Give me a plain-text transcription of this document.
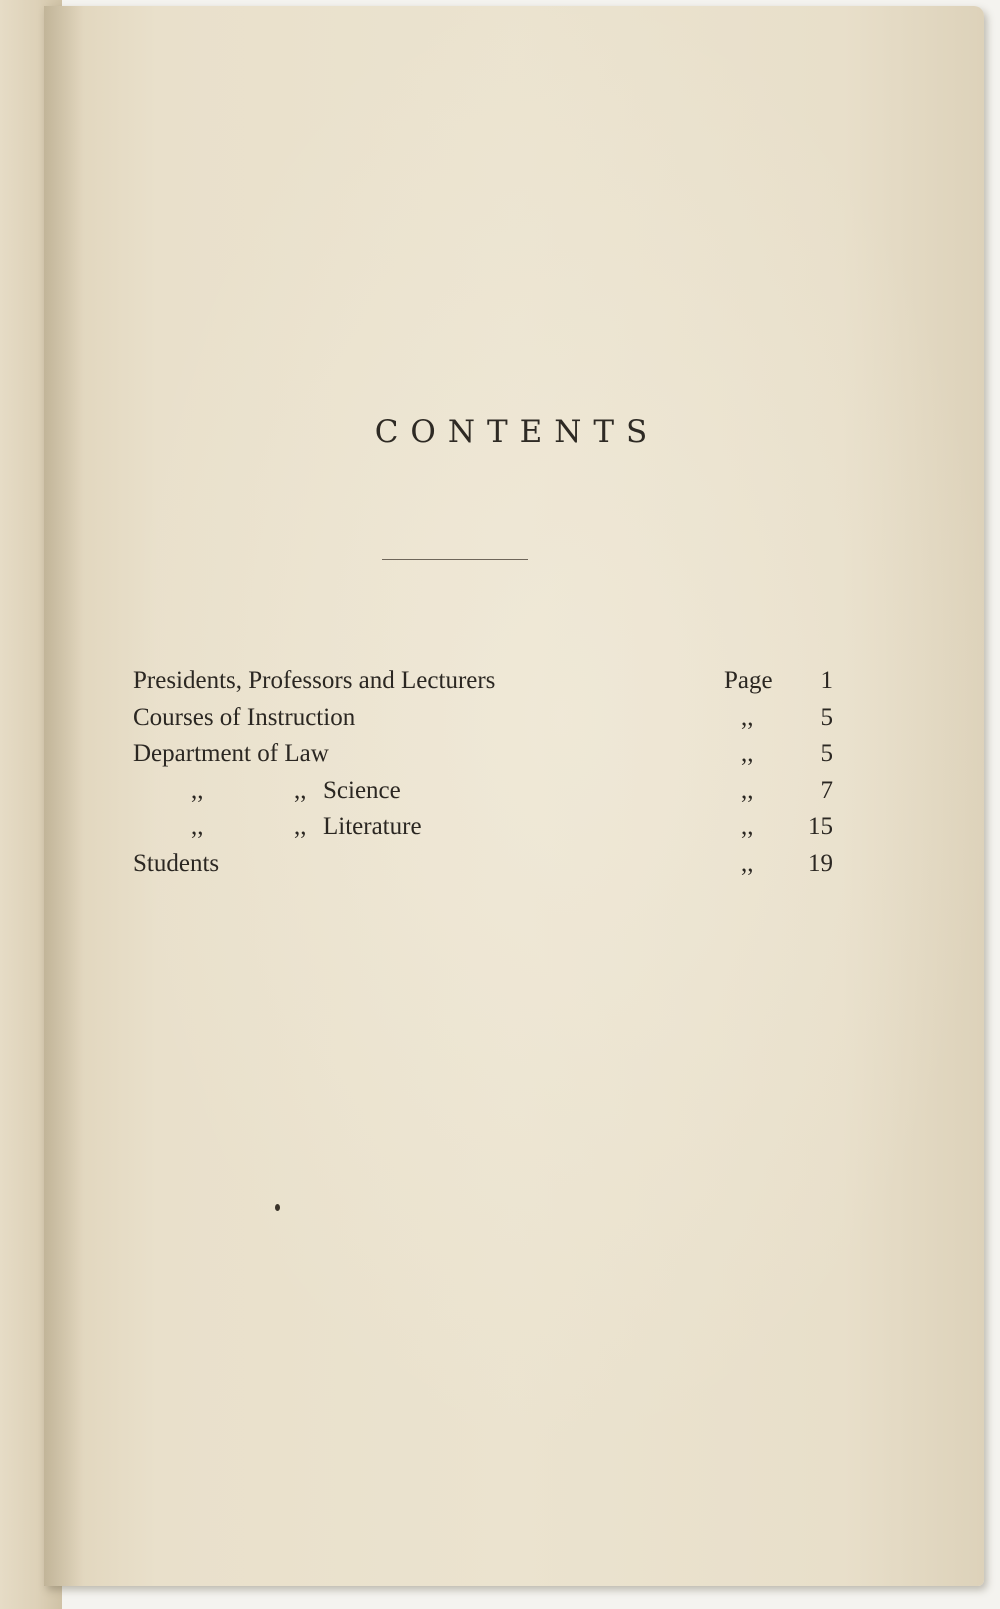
CONTENTS
Presidents, Professors and Lecturers	Page	1
Courses of Instruction	,,	5
Department of Law	,,	5
,,	,, Science	,,	7
,,	,, Literature	,,	15
Students	,,	19
